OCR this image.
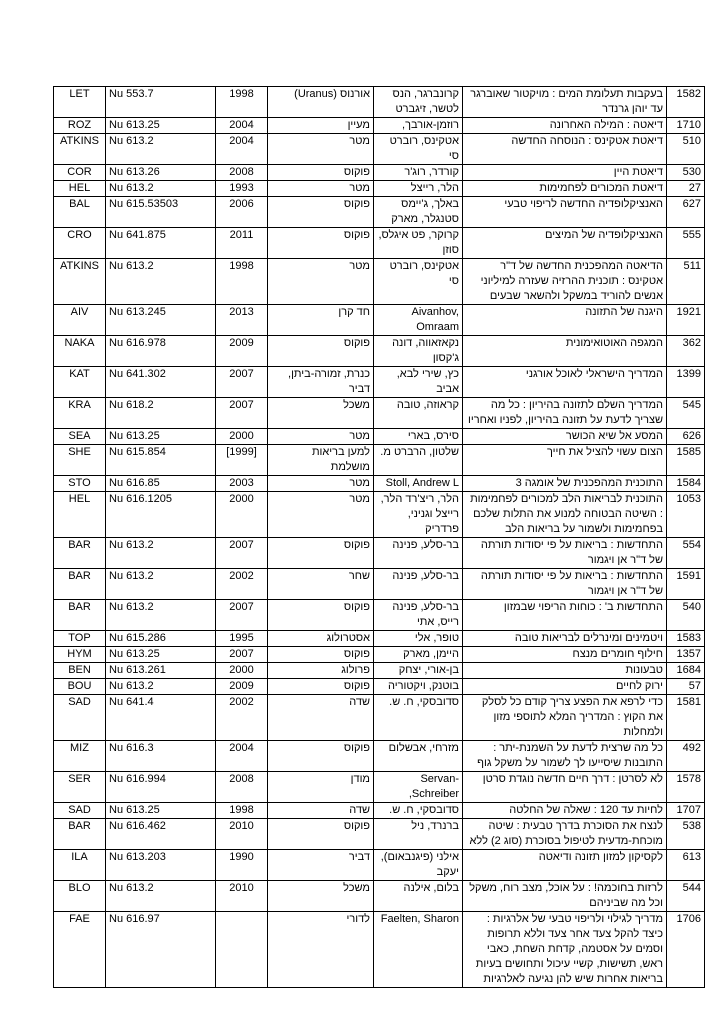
LET	Nu 553.7	1998	אורנוס (Uranus)	קרונברגר, הנס לטשר, זיגברט	בעקבות תעלומת המים : מויקטור שאוברגר עד יוהן גרנדר	1582
ROZ	Nu 613.25	2004	מעיין	רוזמן-אורבך,	דיאטה : המילה האחרונה	1710
ATKINS	Nu 613.2	2004	מטר	אטקינס, רוברט סי	דיאטת אטקינס : הנוסחה החדשה	510
COR	Nu 613.26	2008	פוקוס	קורדר, רוג'ר	דיאטת היין	530
HEL	Nu 613.2	1993	מטר	הלר, רייצל	דיאטת המכורים לפחמימות	27
BAL	Nu 615.53503	2006	פוקוס	באלך, ג'יימס סטנגלר, מארק	האנציקלופדיה החדשה לריפוי טבעי	627
CRO	Nu 641.875	2011	פוקוס	קרוקר, פט איגלס, סוזן	האנציקלופדיה של המיצים	555
ATKINS	Nu 613.2	1998	מטר	אטקינס, רוברט סי	הדיאטה המהפכנית החדשה של ד"ר אטקינס : תוכנית ההרזיה שעזרה למיליוני אנשים להוריד במשקל ולהשאר שבעים	511
AIV	Nu 613.245	2013	חד קרן	Aivanhov, Omraam	היגנה של התזונה	1921
NAKA	Nu 616.978	2009	פוקוס	נקאזאווה, דונה ג'קסון	המגפה האוטואימונית	362
KAT	Nu 641.302	2007	כנרת, זמורה-ביתן, דביר	כץ, שירי לבא, אביב	המדריך הישראלי לאוכל אורגני	1399
KRA	Nu 618.2	2007	משכל	קראוזה, טובה	המדריך השלם לתזונה בהיריון : כל מה שצריך לדעת על תזונה בהיריון, לפניו ואחריו	545
SEA	Nu 613.25	2000	מטר	סירס, בארי	המסע אל שיא הכושר	626
SHE	Nu 615.854	[1999]	למען בריאות מושלמת	שלטון, הרברט מ.	הצום עשוי להציל את חייך	1585
STO	Nu 616.85	2003	מטר	Stoll, Andrew L	התוכנית המהפכנית של אומגה 3	1584
HEL	Nu 616.1205	2000	מטר	הלר, ריצ'רד הלר, רייצל וגניני, פרדריק	התוכנית לבריאות הלב למכורים לפחמימות : השיטה הבטוחה למנוע את התלות שלכם בפחמימות ולשמור על בריאות הלב	1053
BAR	Nu 613.2	2007	פוקוס	בר-סלע, פנינה	התחדשות : בריאות על פי יסודות תורתה של ד"ר אן ויגמור	554
BAR	Nu 613.2	2002	שחר	בר-סלע, פנינה	התחדשות : בריאות על פי יסודות תורתה של ד"ר אן ויגמור	1591
BAR	Nu 613.2	2007	פוקוס	בר-סלע, פנינה רייס, אתי	התחדשות ב' : כוחות הריפוי שבמזון	540
TOP	Nu 615.286	1995	אסטרולוג	טופר, אלי	ויטמינים ומינרלים לבריאות טובה	1583
HYM	Nu 613.25	2007	פוקוס	היימן, מארק	חילוף חומרים מנצח	1357
BEN	Nu 613.261	2000	פרולוג	בן-אורי, יצחק	טבעונות	1684
BOU	Nu 613.2	2009	פוקוס	בוטנק, ויקטוריה	ירוק לחיים	57
SAD	Nu 641.4	2002	שדה	סדובסקי, ח. ש.	כדי לרפא את הפצע צריך קודם כל לסלק את הקוץ : המדריך המלא לתוספי מזון ולמחלות	1581
MIZ	Nu 616.3	2004	פוקוס	מזרחי, אבשלום	כל מה שרצית לדעת על השמנת-יתר : התובנות שיסייעו לך לשמור על משקל גוף	492
SER	Nu 616.994	2008	מודן	Servan-Schreiber,	לא לסרטן : דרך חיים חדשה נוגדת סרטן	1578
SAD	Nu 613.25	1998	שדה	סדובסקי, ח. ש.	לחיות עד 120 : שאלה של החלטה	1707
BAR	Nu 616.462	2010	פוקוס	ברנרד, ניל	לנצח את הסוכרת בדרך טבעית : שיטה מוכחת-מדעית לטיפול בסוכרת (סוג 2) ללא	538
ILA	Nu 613.203	1990	דביר	אילני (פיגנבאום), יעקב	לקסיקון למזון תזונה ודיאטה	613
BLO	Nu 613.2	2010	משכל	בלום, אילנה	לרזות בחוכמה! : על אוכל, מצב רוח, משקל וכל מה שביניהם	544
FAE	Nu 616.97		לדורי	Faelten, Sharon	מדריך לגילוי ולריפוי טבעי של אלרגיות : כיצד להקל צעד אחר צעד וללא תרופות וסמים על אסטמה, קדחת השחת, כאבי ראש, תשישות, קשיי עיכול ותחושים בעיות בריאות אחרות שיש להן נגיעה לאלרגיות	1706
